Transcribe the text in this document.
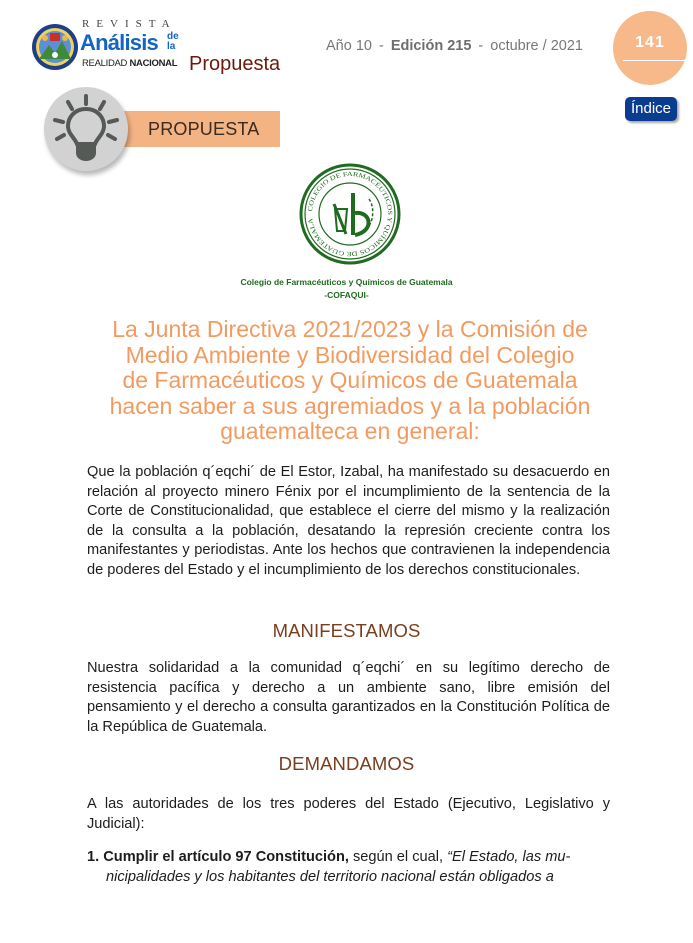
REVISTA
Análisis de
la
REALIDAD NACIONAL Propuesta
Año 10 - Edición 215 - octubre / 2021	141
Índice
PROPUESTA
COLEGIO DE FARMACÉUTICOS Y QUÍMICOS DE GUATEMALA
Colegio de Farmacéuticos y Químicos de Guatemala
-COFAQUI-
La Junta Directiva 2021/2023 y la Comisión de
Medio Ambiente y Biodiversidad del Colegio
de Farmacéuticos y Químicos de Guatemala
hacen saber a sus agremiados y a la población
guatemalteca en general:
Que la población q´eqchi´ de El Estor, Izabal, ha manifestado su desacuerdo en relación al proyecto minero Fénix por el incumplimiento de la sentencia de la Corte de Constitucionalidad, que establece el cierre del mismo y la realización de la consulta a la población, desatando la represión creciente contra los manifestantes y periodistas. Ante los hechos que contravienen la independencia de poderes del Estado y el incumplimiento de los derechos constitucionales.
MANIFESTAMOS
Nuestra solidaridad a la comunidad q´eqchi´ en su legítimo derecho de resistencia pacífica y derecho a un ambiente sano, libre emisión del pensamiento y el derecho a consulta garantizados en la Constitución Política de la República de Guatemala.
DEMANDAMOS
A las autoridades de los tres poderes del Estado (Ejecutivo, Legislativo y Judicial):
1. Cumplir el artículo 97 Constitución, según el cual, “El Estado, las mu-
nicipalidades y los habitantes del territorio nacional están obligados a
